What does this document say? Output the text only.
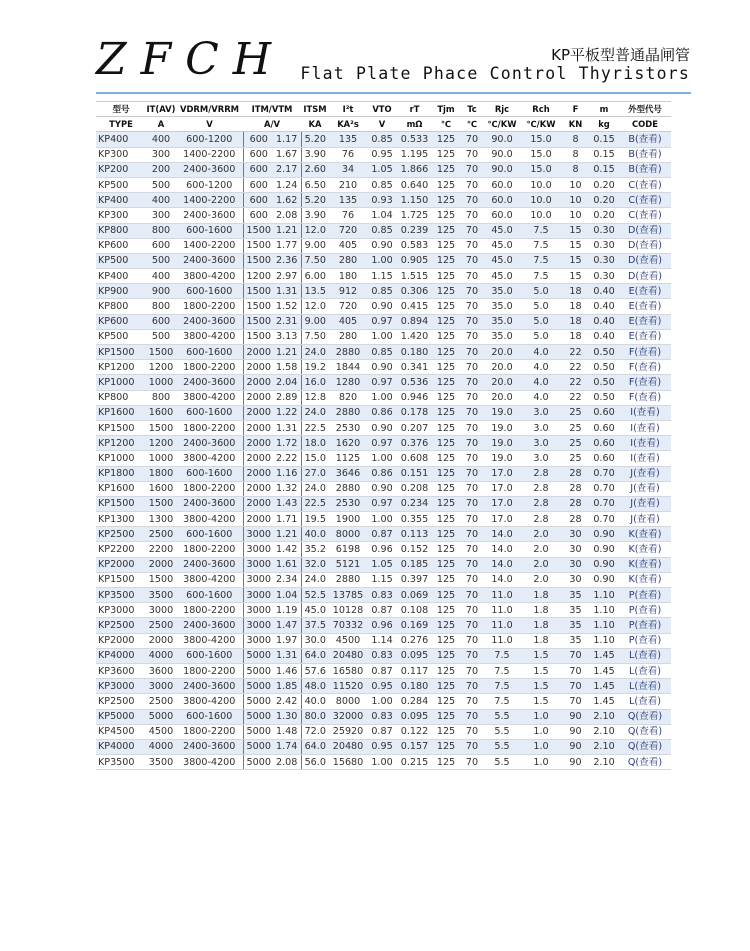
ZFCH	KP平板型普通晶闸管
Flat Plate Phace Control Thyristors
型号	IT(AV)	VDRM/VRRM	ITM/VTM		ITSM	I²t	VTO	rT	Tjm	Tc	Rjc	Rch	F	m	外型代号
TYPE	A	V	A/V		KA	KA²s	V	mΩ	℃	℃	℃/KW	℃/KW	KN	kg	CODE
KP400	400	600-1200	600	1.17	5.20	135	0.85	0.533	125	70	90.0	15.0	8	0.15	B(查看)
KP300	300	1400-2200	600	1.67	3.90	76	0.95	1.195	125	70	90.0	15.0	8	0.15	B(查看)
KP200	200	2400-3600	600	2.17	2.60	34	1.05	1.866	125	70	90.0	15.0	8	0.15	B(查看)
KP500	500	600-1200	600	1.24	6.50	210	0.85	0.640	125	70	60.0	10.0	10	0.20	C(查看)
KP400	400	1400-2200	600	1.62	5.20	135	0.93	1.150	125	70	60.0	10.0	10	0.20	C(查看)
KP300	300	2400-3600	600	2.08	3.90	76	1.04	1.725	125	70	60.0	10.0	10	0.20	C(查看)
KP800	800	600-1600	1500	1.21	12.0	720	0.85	0.239	125	70	45.0	7.5	15	0.30	D(查看)
KP600	600	1400-2200	1500	1.77	9.00	405	0.90	0.583	125	70	45.0	7.5	15	0.30	D(查看)
KP500	500	2400-3600	1500	2.36	7.50	280	1.00	0.905	125	70	45.0	7.5	15	0.30	D(查看)
KP400	400	3800-4200	1200	2.97	6.00	180	1.15	1.515	125	70	45.0	7.5	15	0.30	D(查看)
KP900	900	600-1600	1500	1.31	13.5	912	0.85	0.306	125	70	35.0	5.0	18	0.40	E(查看)
KP800	800	1800-2200	1500	1.52	12.0	720	0.90	0.415	125	70	35.0	5.0	18	0.40	E(查看)
KP600	600	2400-3600	1500	2.31	9.00	405	0.97	0.894	125	70	35.0	5.0	18	0.40	E(查看)
KP500	500	3800-4200	1500	3.13	7.50	280	1.00	1.420	125	70	35.0	5.0	18	0.40	E(查看)
KP1500	1500	600-1600	2000	1.21	24.0	2880	0.85	0.180	125	70	20.0	4.0	22	0.50	F(查看)
KP1200	1200	1800-2200	2000	1.58	19.2	1844	0.90	0.341	125	70	20.0	4.0	22	0.50	F(查看)
KP1000	1000	2400-3600	2000	2.04	16.0	1280	0.97	0.536	125	70	20.0	4.0	22	0.50	F(查看)
KP800	800	3800-4200	2000	2.89	12.8	820	1.00	0.946	125	70	20.0	4.0	22	0.50	F(查看)
KP1600	1600	600-1600	2000	1.22	24.0	2880	0.86	0.178	125	70	19.0	3.0	25	0.60	I(查看)
KP1500	1500	1800-2200	2000	1.31	22.5	2530	0.90	0.207	125	70	19.0	3.0	25	0.60	I(查看)
KP1200	1200	2400-3600	2000	1.72	18.0	1620	0.97	0.376	125	70	19.0	3.0	25	0.60	I(查看)
KP1000	1000	3800-4200	2000	2.22	15.0	1125	1.00	0.608	125	70	19.0	3.0	25	0.60	I(查看)
KP1800	1800	600-1600	2000	1.16	27.0	3646	0.86	0.151	125	70	17.0	2.8	28	0.70	J(查看)
KP1600	1600	1800-2200	2000	1.32	24.0	2880	0.90	0.208	125	70	17.0	2.8	28	0.70	J(查看)
KP1500	1500	2400-3600	2000	1.43	22.5	2530	0.97	0.234	125	70	17.0	2.8	28	0.70	J(查看)
KP1300	1300	3800-4200	2000	1.71	19.5	1900	1.00	0.355	125	70	17.0	2.8	28	0.70	J(查看)
KP2500	2500	600-1600	3000	1.21	40.0	8000	0.87	0.113	125	70	14.0	2.0	30	0.90	K(查看)
KP2200	2200	1800-2200	3000	1.42	35.2	6198	0.96	0.152	125	70	14.0	2.0	30	0.90	K(查看)
KP2000	2000	2400-3600	3000	1.61	32.0	5121	1.05	0.185	125	70	14.0	2.0	30	0.90	K(查看)
KP1500	1500	3800-4200	3000	2.34	24.0	2880	1.15	0.397	125	70	14.0	2.0	30	0.90	K(查看)
KP3500	3500	600-1600	3000	1.04	52.5	13785	0.83	0.069	125	70	11.0	1.8	35	1.10	P(查看)
KP3000	3000	1800-2200	3000	1.19	45.0	10128	0.87	0.108	125	70	11.0	1.8	35	1.10	P(查看)
KP2500	2500	2400-3600	3000	1.47	37.5	70332	0.96	0.169	125	70	11.0	1.8	35	1.10	P(查看)
KP2000	2000	3800-4200	3000	1.97	30.0	4500	1.14	0.276	125	70	11.0	1.8	35	1.10	P(查看)
KP4000	4000	600-1600	5000	1.31	64.0	20480	0.83	0.095	125	70	7.5	1.5	70	1.45	L(查看)
KP3600	3600	1800-2200	5000	1.46	57.6	16580	0.87	0.117	125	70	7.5	1.5	70	1.45	L(查看)
KP3000	3000	2400-3600	5000	1.85	48.0	11520	0.95	0.180	125	70	7.5	1.5	70	1.45	L(查看)
KP2500	2500	3800-4200	5000	2.42	40.0	8000	1.00	0.284	125	70	7.5	1.5	70	1.45	L(查看)
KP5000	5000	600-1600	5000	1.30	80.0	32000	0.83	0.095	125	70	5.5	1.0	90	2.10	Q(查看)
KP4500	4500	1800-2200	5000	1.48	72.0	25920	0.87	0.122	125	70	5.5	1.0	90	2.10	Q(查看)
KP4000	4000	2400-3600	5000	1.74	64.0	20480	0.95	0.157	125	70	5.5	1.0	90	2.10	Q(查看)
KP3500	3500	3800-4200	5000	2.08	56.0	15680	1.00	0.215	125	70	5.5	1.0	90	2.10	Q(查看)
